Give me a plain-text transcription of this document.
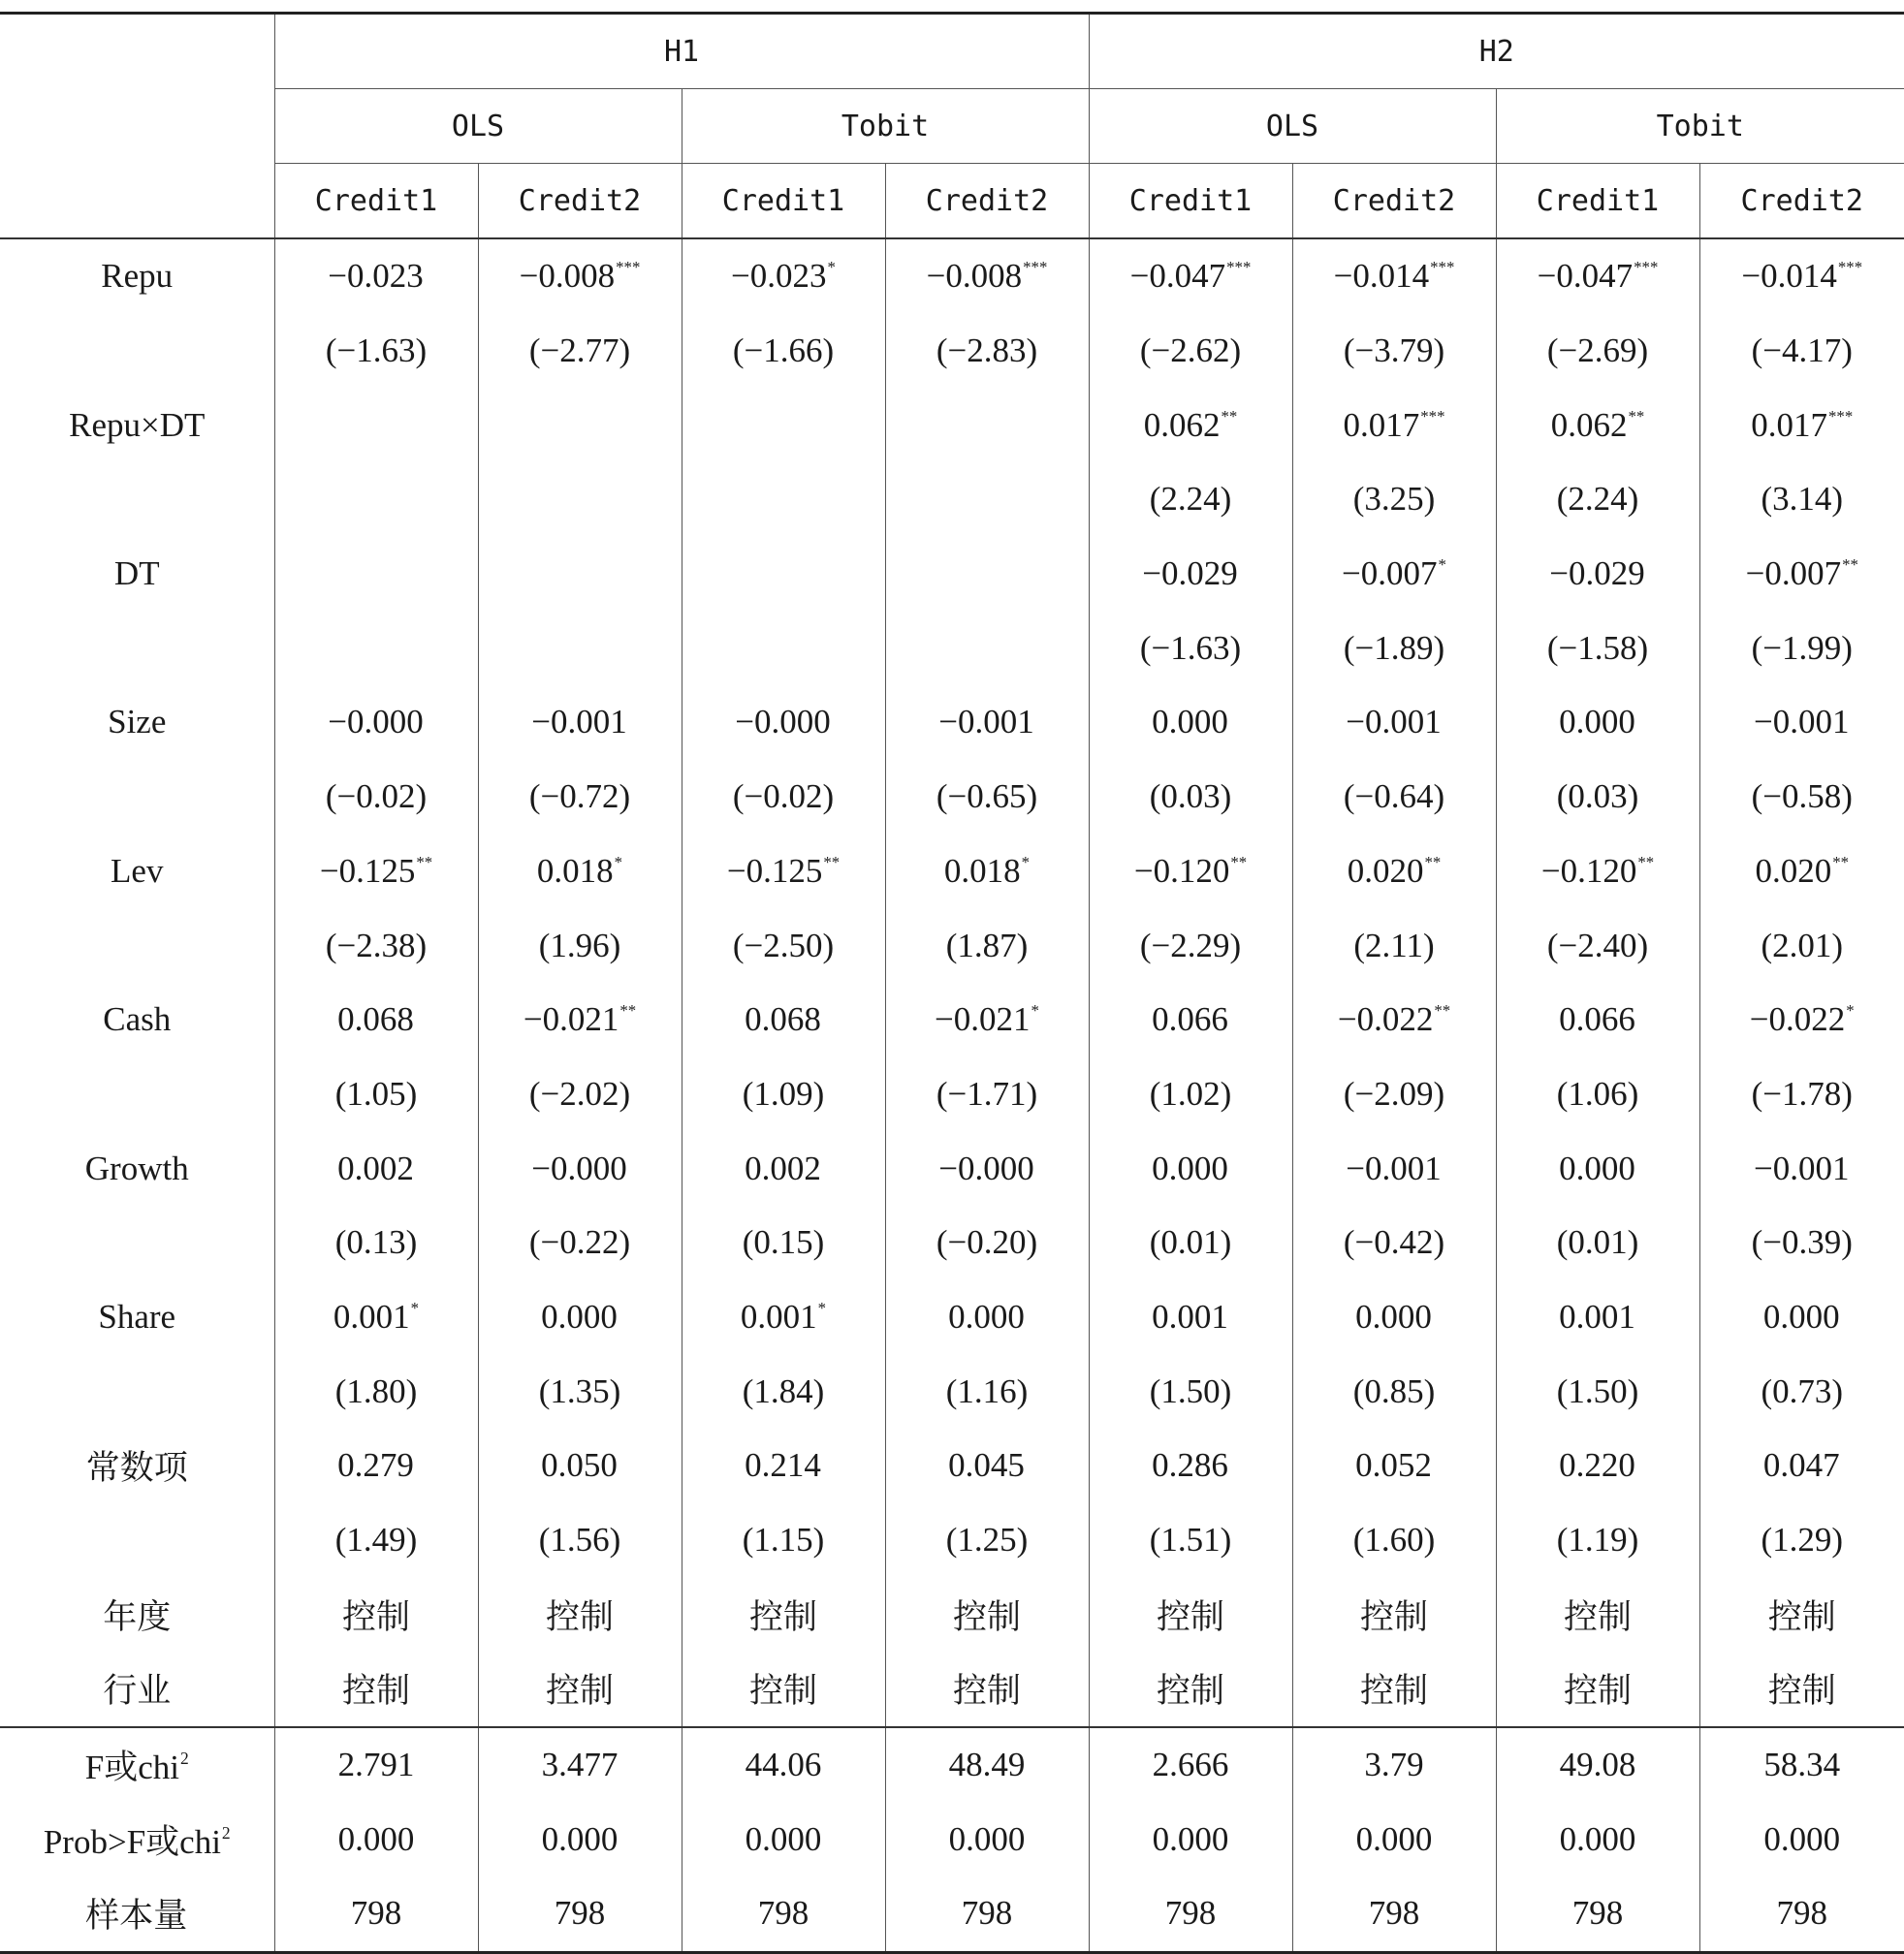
	H1				H2			
	OLS		Tobit		OLS		Tobit	
	Credit1	Credit2	Credit1	Credit2	Credit1	Credit2	Credit1	Credit2
Repu	−0.023	−0.008***	−0.023*	−0.008***	−0.047***	−0.014***	−0.047***	−0.014***
	(−1.63)	(−2.77)	(−1.66)	(−2.83)	(−2.62)	(−3.79)	(−2.69)	(−4.17)
Repu×DT					0.062**	0.017***	0.062**	0.017***
					(2.24)	(3.25)	(2.24)	(3.14)
DT					−0.029	−0.007*	−0.029	−0.007**
					(−1.63)	(−1.89)	(−1.58)	(−1.99)
Size	−0.000	−0.001	−0.000	−0.001	0.000	−0.001	0.000	−0.001
	(−0.02)	(−0.72)	(−0.02)	(−0.65)	(0.03)	(−0.64)	(0.03)	(−0.58)
Lev	−0.125**	0.018*	−0.125**	0.018*	−0.120**	0.020**	−0.120**	0.020**
	(−2.38)	(1.96)	(−2.50)	(1.87)	(−2.29)	(2.11)	(−2.40)	(2.01)
Cash	0.068	−0.021**	0.068	−0.021*	0.066	−0.022**	0.066	−0.022*
	(1.05)	(−2.02)	(1.09)	(−1.71)	(1.02)	(−2.09)	(1.06)	(−1.78)
Growth	0.002	−0.000	0.002	−0.000	0.000	−0.001	0.000	−0.001
	(0.13)	(−0.22)	(0.15)	(−0.20)	(0.01)	(−0.42)	(0.01)	(−0.39)
Share	0.001*	0.000	0.001*	0.000	0.001	0.000	0.001	0.000
	(1.80)	(1.35)	(1.84)	(1.16)	(1.50)	(0.85)	(1.50)	(0.73)
常数项	0.279	0.050	0.214	0.045	0.286	0.052	0.220	0.047
	(1.49)	(1.56)	(1.15)	(1.25)	(1.51)	(1.60)	(1.19)	(1.29)
年度	控制	控制	控制	控制	控制	控制	控制	控制
行业	控制	控制	控制	控制	控制	控制	控制	控制
F或chi$^2$	2.791	3.477	44.06	48.49	2.666	3.79	49.08	58.34
Prob>F或chi$^2$	0.000	0.000	0.000	0.000	0.000	0.000	0.000	0.000
样本量	798	798	798	798	798	798	798	798
